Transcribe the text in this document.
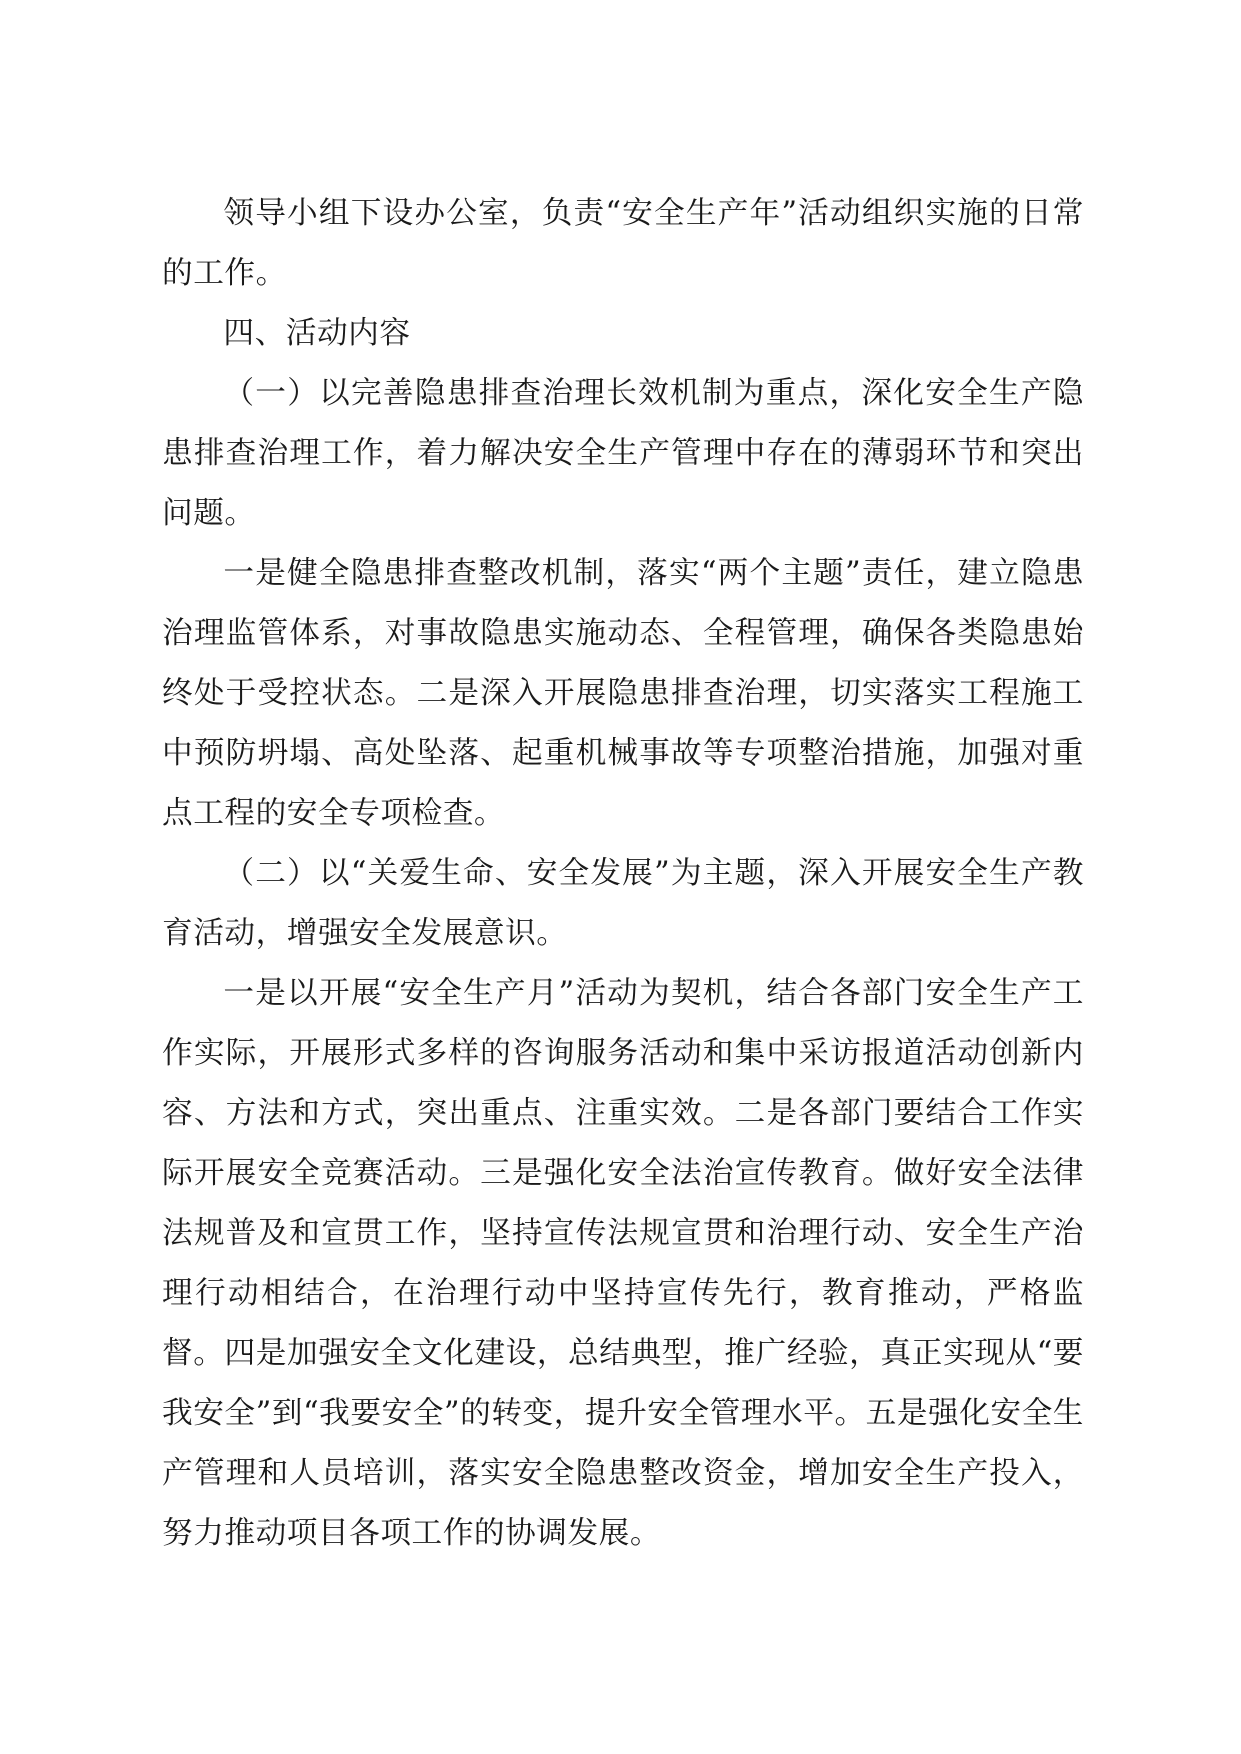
领导小组下设办公室，负责“安全生产年”活动组织实施的日常的工作。

四、活动内容

（一）以完善隐患排查治理长效机制为重点，深化安全生产隐患排查治理工作，着力解决安全生产管理中存在的薄弱环节和突出问题。

一是健全隐患排查整改机制，落实“两个主题”责任，建立隐患治理监管体系，对事故隐患实施动态、全程管理，确保各类隐患始终处于受控状态。二是深入开展隐患排查治理，切实落实工程施工中预防坍塌、高处坠落、起重机械事故等专项整治措施，加强对重点工程的安全专项检查。

（二）以“关爱生命、安全发展”为主题，深入开展安全生产教育活动，增强安全发展意识。

一是以开展“安全生产月”活动为契机，结合各部门安全生产工作实际，开展形式多样的咨询服务活动和集中采访报道活动创新内容、方法和方式，突出重点、注重实效。二是各部门要结合工作实际开展安全竞赛活动。三是强化安全法治宣传教育。做好安全法律法规普及和宣贯工作，坚持宣传法规宣贯和治理行动、安全生产治理行动相结合，在治理行动中坚持宣传先行，教育推动，严格监督。四是加强安全文化建设，总结典型，推广经验，真正实现从“要我安全”到“我要安全”的转变，提升安全管理水平。五是强化安全生产管理和人员培训，落实安全隐患整改资金，增加安全生产投入，努力推动项目各项工作的协调发展。
